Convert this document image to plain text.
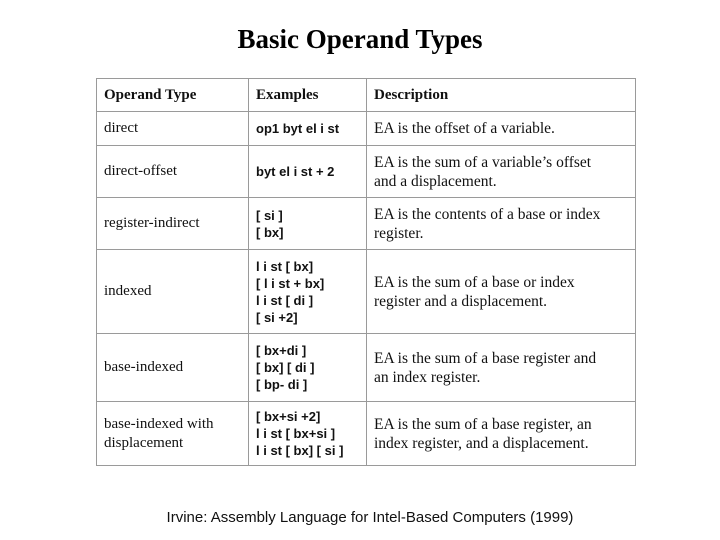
Basic Operand Types
Operand Type	Examples	Description

direct	op1 byt el i st	EA is the offset of a variable.

direct-offset	byt el i st + 2	EA is the sum of a variable’s offset
and a displacement.

register-indirect	[ si ]
[ bx]	EA is the contents of a base or index
register.

indexed	l i st [ bx]
[ l i st + bx]
l i st [ di ]
[ si +2]	EA is the sum of a base or index
register and a displacement.

base-indexed	[ bx+di ]
[ bx] [ di ]
[ bp- di ]	EA is the sum of a base register and
an index register.

base-indexed with
displacement	[ bx+si +2]
l i st [ bx+si ]
l i st [ bx] [ si ]	EA is the sum of a base register, an
index register, and a displacement.
Irvine: Assembly Language for Intel-Based Computers (1999)
